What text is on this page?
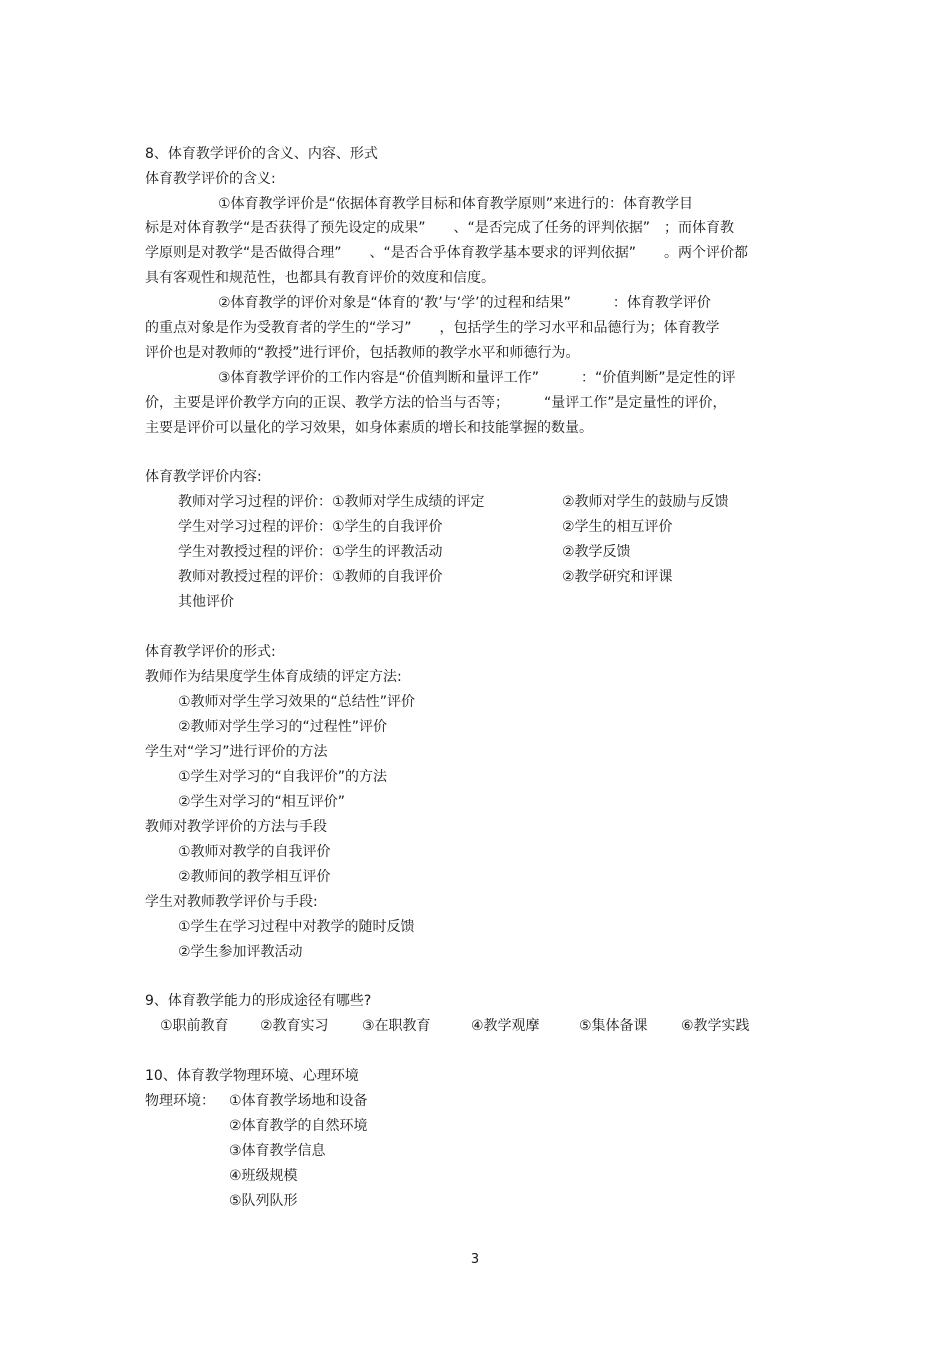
8、体育教学评价的含义、内容、形式
体育教学评价的含义:
①体育教学评价是“依据体育教学目标和体育教学原则”来进行的：体育教学目
标是对体育教学“是否获得了预先设定的成果”　　、“是否完成了任务的评判依据”　；而体育教
学原则是对教学“是否做得合理”　　、“是否合乎体育教学基本要求的评判依据”　　。两个评价都
具有客观性和规范性，也都具有教育评价的效度和信度。
②体育教学的评价对象是“体育的‘教’与‘学’的过程和结果”　　　：体育教学评价
的重点对象是作为受教育者的学生的“学习”　　，包括学生的学习水平和品德行为；体育教学
评价也是对教师的“教授”进行评价，包括教师的教学水平和师德行为。
③体育教学评价的工作内容是“价值判断和量评工作”　　　：“价值判断”是定性的评
价，主要是评价教学方向的正误、教学方法的恰当与否等；　　　“量评工作”是定量性的评价，
主要是评价可以量化的学习效果，如身体素质的增长和技能掌握的数量。
体育教学评价内容:
教师对学习过程的评价：①教师对学生成绩的评定	②教师对学生的鼓励与反馈
学生对学习过程的评价：①学生的自我评价	②学生的相互评价
学生对教授过程的评价：①学生的评教活动	②教学反馈
教师对教授过程的评价：①教师的自我评价	②教学研究和评课
其他评价
体育教学评价的形式:
教师作为结果度学生体育成绩的评定方法:
①教师对学生学习效果的“总结性”评价
②教师对学生学习的“过程性”评价
学生对“学习”进行评价的方法
①学生对学习的“自我评价”的方法
②学生对学习的“相互评价”
教师对教学评价的方法与手段
①教师对教学的自我评价
②教师间的教学相互评价
学生对教师教学评价与手段:
①学生在学习过程中对教学的随时反馈
②学生参加评教活动
9、体育教学能力的形成途径有哪些?
①职前教育 ②教育实习 ③在职教育	④教学观摩	⑤集体备课 ⑥教学实践
10、体育教学物理环境、心理环境
物理环境： ①体育教学场地和设备
②体育教学的自然环境
③体育教学信息
④班级规模
⑤队列队形
3
